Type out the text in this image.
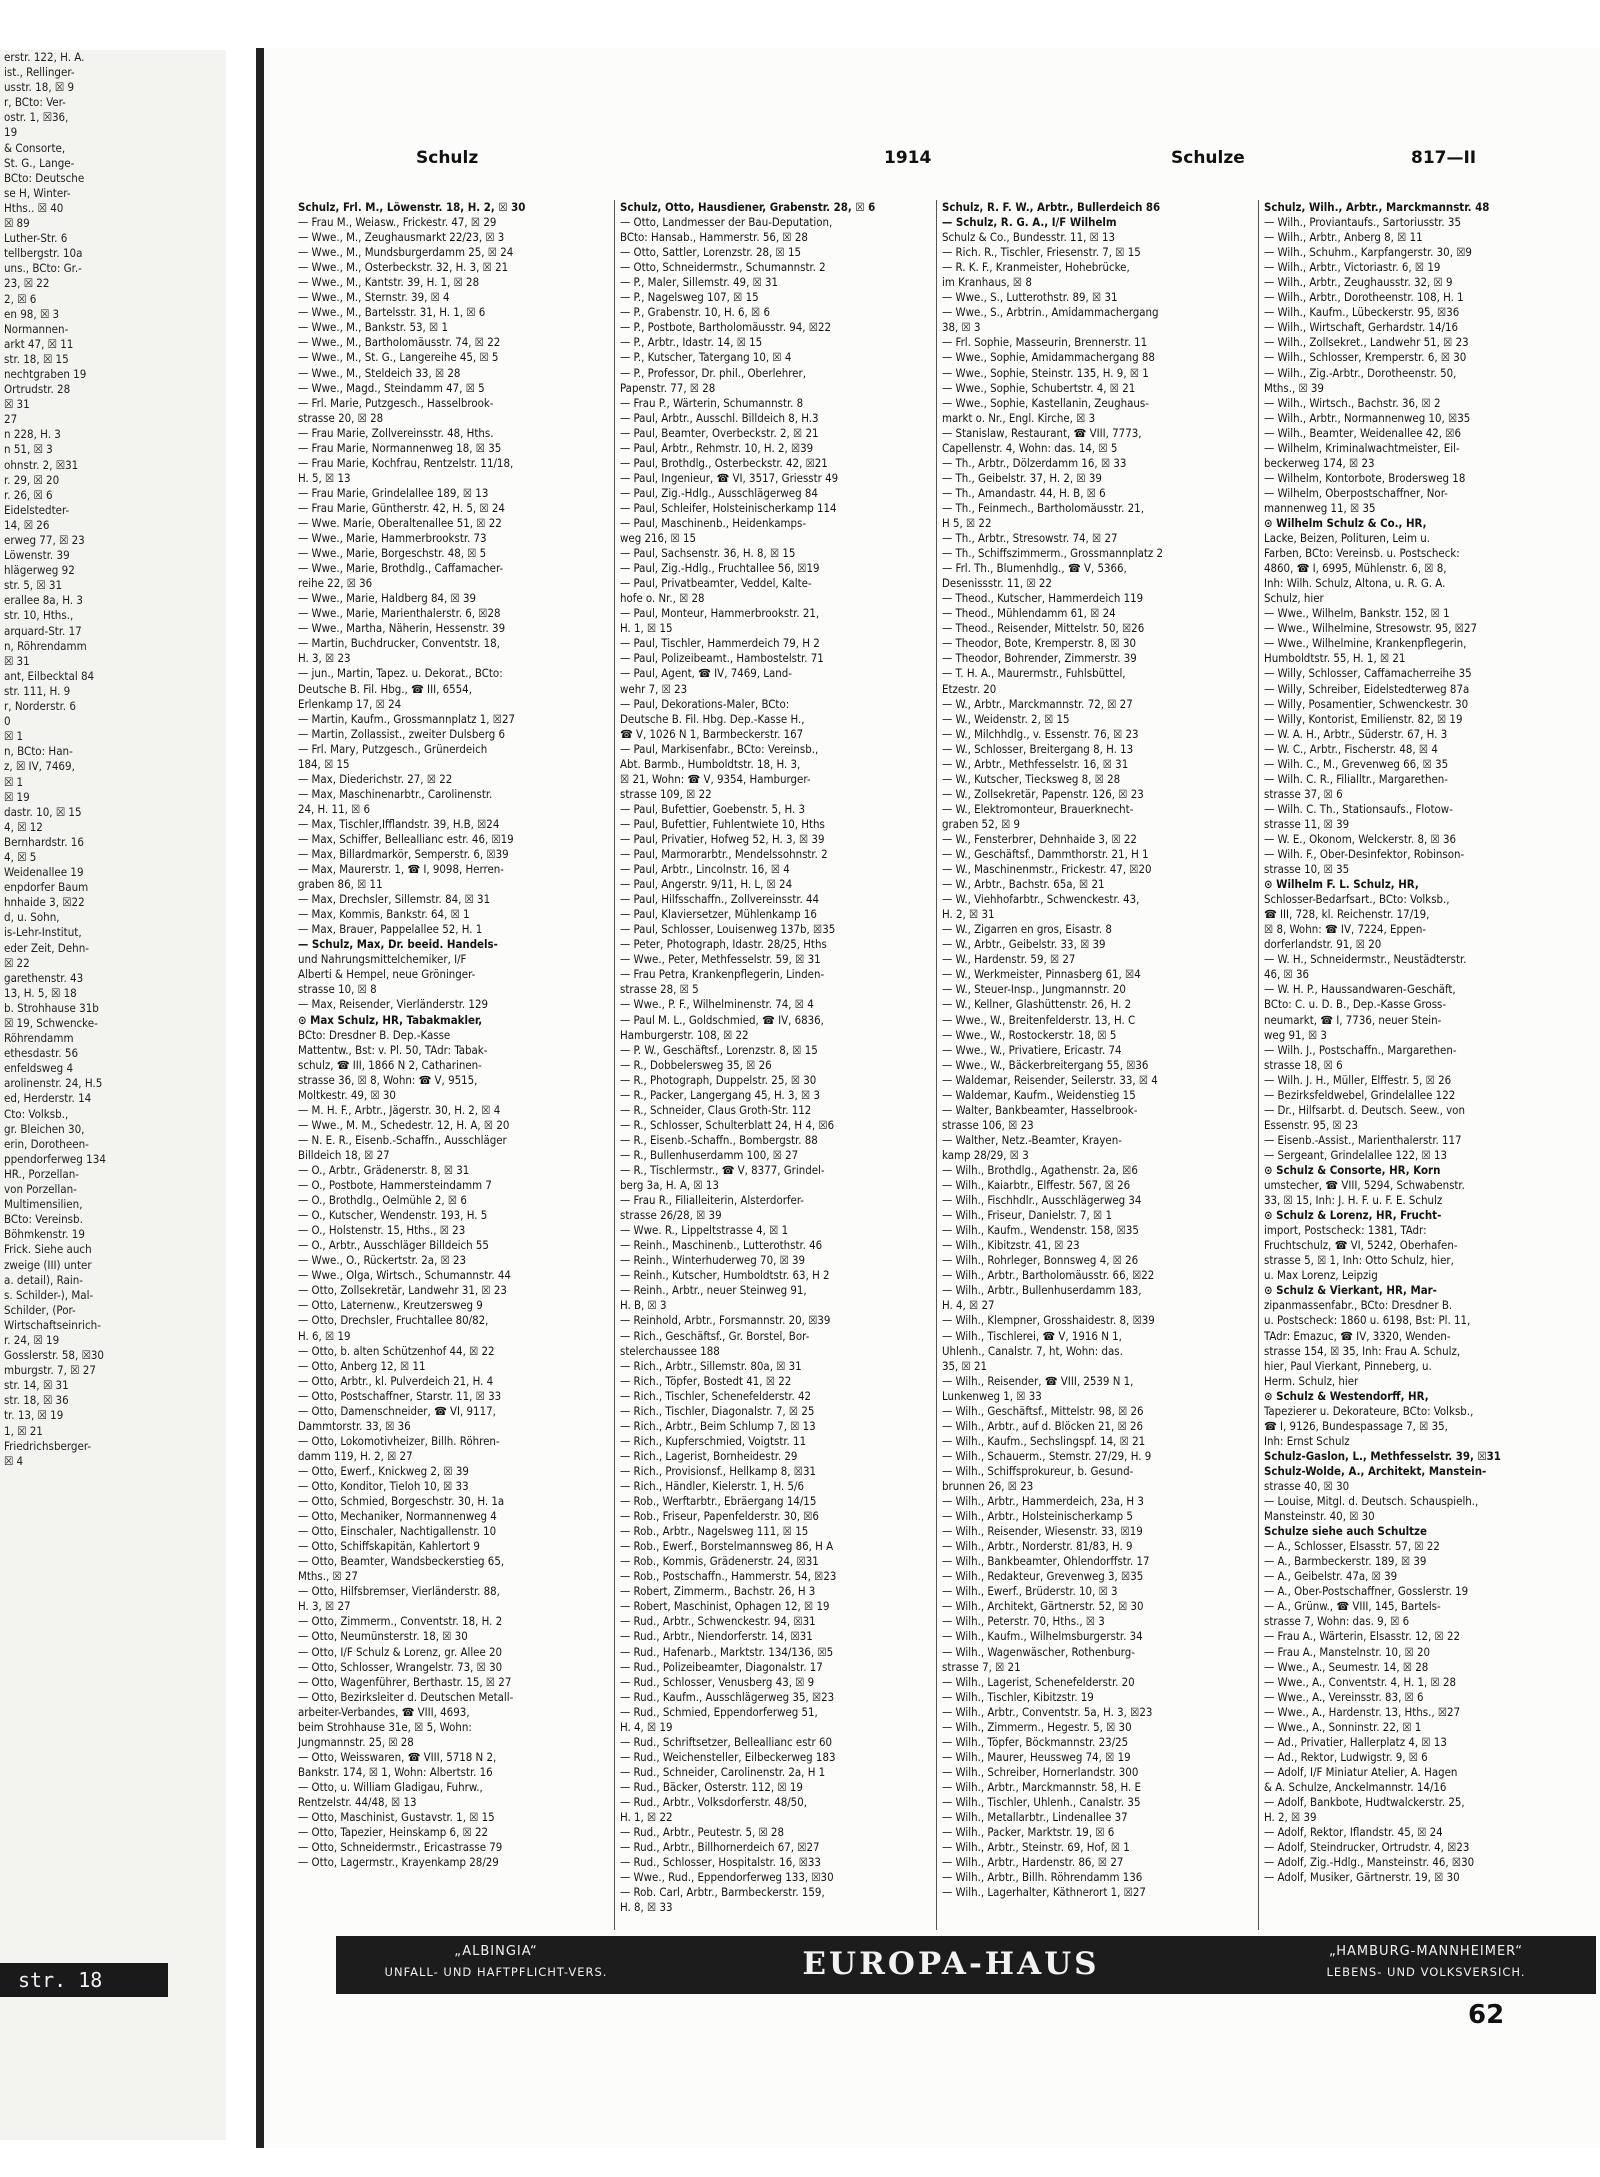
erstr. 122, H. A.
ist., Rellinger-
usstr. 18, ☒ 9
r, BCto: Ver-
ostr. 1, ☒36,
19
& Consorte,
St. G., Lange-
BCto: Deutsche
se H, Winter-
Hths.. ☒ 40
☒ 89
Luther-Str. 6
tellbergstr. 10a
uns., BCto: Gr.-
23, ☒ 22
2, ☒ 6
en 98, ☒ 3
Normannen-
arkt 47, ☒ 11
str. 18, ☒ 15
nechtgraben 19
Ortrudstr. 28
☒ 31
27
n 228, H. 3
n 51, ☒ 3
ohnstr. 2, ☒31
r. 29, ☒ 20
r. 26, ☒ 6
Eidelstedter-
14, ☒ 26
erweg 77, ☒ 23
Löwenstr. 39
hlägerweg 92
str. 5, ☒ 31
erallee 8a, H. 3
str. 10, Hths.,
arquard-Str. 17
n, Röhrendamm
☒ 31
ant, Eilbecktal 84
str. 111, H. 9
r, Norderstr. 6
0
☒ 1
n, BCto: Han-
z, ☒ IV, 7469,
☒ 1
☒ 19
dastr. 10, ☒ 15
4, ☒ 12
Bernhardstr. 16
4, ☒ 5
Weidenallee 19
enpdorfer Baum
hnhaide 3, ☒22
d, u. Sohn,
is-Lehr-Institut,
eder Zeit, Dehn-
☒ 22
garethenstr. 43
13, H. 5, ☒ 18
b. Strohhause 31b
☒ 19, Schwencke-
Röhrendamm
ethesdastr. 56
enfeldsweg 4
arolinenstr. 24, H.5
ed, Herderstr. 14
Cto: Volksb.,
gr. Bleichen 30,
erin, Dorotheen-
ppendorferweg 134
HR., Porzellan-
von Porzellan-
Multimensilien,
BCto: Vereinsb.
Böhmkenstr. 19
Frick. Siehe auch
zweige (III) unter
a. detail), Rain-
s. Schilder-), Mal-
Schilder, (Por-
Wirtschaftseinrich-
r. 24, ☒ 19
Gosslerstr. 58, ☒30
mburgstr. 7, ☒ 27
str. 14, ☒ 31
str. 18, ☒ 36
tr. 13, ☒ 19
1, ☒ 21
Friedrichsberger-
☒ 4
str. 18
Schulz	1914	Schulze	817—II
Schulz, Frl. M., Löwenstr. 18, H. 2, ☒ 30
— Frau M., Weiasw., Frickestr. 47, ☒ 29
— Wwe., M., Zeughausmarkt 22/23, ☒ 3
— Wwe., M., Mundsburgerdamm 25, ☒ 24
— Wwe., M., Osterbeckstr. 32, H. 3, ☒ 21
— Wwe., M., Kantstr. 39, H. 1, ☒ 28
— Wwe., M., Sternstr. 39, ☒ 4
— Wwe., M., Bartelsstr. 31, H. 1, ☒ 6
— Wwe., M., Bankstr. 53, ☒ 1
— Wwe., M., Bartholomäusstr. 74, ☒ 22
— Wwe., M., St. G., Langereihe 45, ☒ 5
— Wwe., M., Steldeich 33, ☒ 28
— Wwe., Magd., Steindamm 47, ☒ 5
— Frl. Marie, Putzgesch., Hasselbrook-
strasse 20, ☒ 28
— Frau Marie, Zollvereinsstr. 48, Hths.
— Frau Marie, Normannenweg 18, ☒ 35
— Frau Marie, Kochfrau, Rentzelstr. 11/18,
H. 5, ☒ 13
— Frau Marie, Grindelallee 189, ☒ 13
— Frau Marie, Güntherstr. 42, H. 5, ☒ 24
— Wwe. Marie, Oberaltenallee 51, ☒ 22
— Wwe., Marie, Hammerbrookstr. 73
— Wwe., Marie, Borgeschstr. 48, ☒ 5
— Wwe., Marie, Brothdlg., Caffamacher-
reihe 22, ☒ 36
— Wwe., Marie, Haldberg 84, ☒ 39
— Wwe., Marie, Marienthalerstr. 6, ☒28
— Wwe., Martha, Näherin, Hessenstr. 39
— Martin, Buchdrucker, Conventstr. 18,
H. 3, ☒ 23
— jun., Martin, Tapez. u. Dekorat., BCto:
Deutsche B. Fil. Hbg., ☎ III, 6554,
Erlenkamp 17, ☒ 24
— Martin, Kaufm., Grossmannplatz 1, ☒27
— Martin, Zollassist., zweiter Dulsberg 6
— Frl. Mary, Putzgesch., Grünerdeich
184, ☒ 15
— Max, Diederichstr. 27, ☒ 22
— Max, Maschinenarbtr., Carolinenstr.
24, H. 11, ☒ 6
— Max, Tischler,Ifflandstr. 39, H.B, ☒24
— Max, Schiffer, Belleallianc estr. 46, ☒19
— Max, Billardmarkör, Semperstr. 6, ☒39
— Max, Maurerstr. 1, ☎ I, 9098, Herren-
graben 86, ☒ 11
— Max, Drechsler, Sillemstr. 84, ☒ 31
— Max, Kommis, Bankstr. 64, ☒ 1
— Max, Brauer, Pappelallee 52, H. 1
— Schulz, Max, Dr. beeid. Handels-
und Nahrungsmittelchemiker, I/F
Alberti & Hempel, neue Gröninger-
strasse 10, ☒ 8
— Max, Reisender, Vierländerstr. 129
⊙ Max Schulz, HR, Tabakmakler,
BCto: Dresdner B. Dep.-Kasse
Mattentw., Bst: v. Pl. 50, TAdr: Tabak-
schulz, ☎ III, 1866 N 2, Catharinen-
strasse 36, ☒ 8, Wohn: ☎ V, 9515,
Moltkestr. 49, ☒ 30
— M. H. F., Arbtr., Jägerstr. 30, H. 2, ☒ 4
— Wwe., M. M., Schedestr. 12, H. A, ☒ 20
— N. E. R., Eisenb.-Schaffn., Ausschläger
Billdeich 18, ☒ 27
— O., Arbtr., Grädenerstr. 8, ☒ 31
— O., Postbote, Hammersteindamm 7
— O., Brothdlg., Oelmühle 2, ☒ 6
— O., Kutscher, Wendenstr. 193, H. 5
— O., Holstenstr. 15, Hths., ☒ 23
— O., Arbtr., Ausschläger Billdeich 55
— Wwe., O., Rückertstr. 2a, ☒ 23
— Wwe., Olga, Wirtsch., Schumannstr. 44
— Otto, Zollsekretär, Landwehr 31, ☒ 23
— Otto, Laternenw., Kreutzersweg 9
— Otto, Drechsler, Fruchtallee 80/82,
H. 6, ☒ 19
— Otto, b. alten Schützenhof 44, ☒ 22
— Otto, Anberg 12, ☒ 11
— Otto, Arbtr., kl. Pulverdeich 21, H. 4
— Otto, Postschaffner, Starstr. 11, ☒ 33
— Otto, Damenschneider, ☎ VI, 9117,
Dammtorstr. 33, ☒ 36
— Otto, Lokomotivheizer, Billh. Röhren-
damm 119, H. 2, ☒ 27
— Otto, Ewerf., Knickweg 2, ☒ 39
— Otto, Konditor, Tieloh 10, ☒ 33
— Otto, Schmied, Borgeschstr. 30, H. 1a
— Otto, Mechaniker, Normannenweg 4
— Otto, Einschaler, Nachtigallenstr. 10
— Otto, Schiffskapitän, Kahlertort 9
— Otto, Beamter, Wandsbeckerstieg 65,
Mths., ☒ 27
— Otto, Hilfsbremser, Vierländerstr. 88,
H. 3, ☒ 27
— Otto, Zimmerm., Conventstr. 18, H. 2
— Otto, Neumünsterstr. 18, ☒ 30
— Otto, I/F Schulz & Lorenz, gr. Allee 20
— Otto, Schlosser, Wrangelstr. 73, ☒ 30
— Otto, Wagenführer, Berthastr. 15, ☒ 27
— Otto, Bezirksleiter d. Deutschen Metall-
arbeiter-Verbandes, ☎ VIII, 4693,
beim Strohhause 31e, ☒ 5, Wohn:
Jungmannstr. 25, ☒ 28
— Otto, Weisswaren, ☎ VIII, 5718 N 2,
Bankstr. 174, ☒ 1, Wohn: Albertstr. 16
— Otto, u. William Gladigau, Fuhrw.,
Rentzelstr. 44/48, ☒ 13
— Otto, Maschinist, Gustavstr. 1, ☒ 15
— Otto, Tapezier, Heinskamp 6, ☒ 22
— Otto, Schneidermstr., Ericastrasse 79
— Otto, Lagermstr., Krayenkamp 28/29
Schulz, Otto, Hausdiener, Grabenstr. 28, ☒ 6
— Otto, Landmesser der Bau-Deputation,
BCto: Hansab., Hammerstr. 56, ☒ 28
— Otto, Sattler, Lorenzstr. 28, ☒ 15
— Otto, Schneidermstr., Schumannstr. 2
— P., Maler, Sillemstr. 49, ☒ 31
— P., Nagelsweg 107, ☒ 15
— P., Grabenstr. 10, H. 6, ☒ 6
— P., Postbote, Bartholomäusstr. 94, ☒22
— P., Arbtr., Idastr. 14, ☒ 15
— P., Kutscher, Tatergang 10, ☒ 4
— P., Professor, Dr. phil., Oberlehrer,
Papenstr. 77, ☒ 28
— Frau P., Wärterin, Schumannstr. 8
— Paul, Arbtr., Ausschl. Billdeich 8, H.3
— Paul, Beamter, Overbeckstr. 2, ☒ 21
— Paul, Arbtr., Rehmstr. 10, H. 2, ☒39
— Paul, Brothdlg., Osterbeckstr. 42, ☒21
— Paul, Ingenieur, ☎ VI, 3517, Griesstr 49
— Paul, Zig.-Hdlg., Ausschlägerweg 84
— Paul, Schleifer, Holsteinischerkamp 114
— Paul, Maschinenb., Heidenkamps-
weg 216, ☒ 15
— Paul, Sachsenstr. 36, H. 8, ☒ 15
— Paul, Zig.-Hdlg., Fruchtallee 56, ☒19
— Paul, Privatbeamter, Veddel, Kalte-
hofe o. Nr., ☒ 28
— Paul, Monteur, Hammerbrookstr. 21,
H. 1, ☒ 15
— Paul, Tischler, Hammerdeich 79, H 2
— Paul, Polizeibeamt., Hambostelstr. 71
— Paul, Agent, ☎ IV, 7469, Land-
wehr 7, ☒ 23
— Paul, Dekorations-Maler, BCto:
Deutsche B. Fil. Hbg. Dep.-Kasse H.,
☎ V, 1026 N 1, Barmbeckerstr. 167
— Paul, Markisenfabr., BCto: Vereinsb.,
Abt. Barmb., Humboldtstr. 18, H. 3,
☒ 21, Wohn: ☎ V, 9354, Hamburger-
strasse 109, ☒ 22
— Paul, Bufettier, Goebenstr. 5, H. 3
— Paul, Bufettier, Fuhlentwiete 10, Hths
— Paul, Privatier, Hofweg 52, H. 3, ☒ 39
— Paul, Marmorarbtr., Mendelssohnstr. 2
— Paul, Arbtr., Lincolnstr. 16, ☒ 4
— Paul, Angerstr. 9/11, H. L, ☒ 24
— Paul, Hilfsschaffn., Zollvereinsstr. 44
— Paul, Klaviersetzer, Mühlenkamp 16
— Paul, Schlosser, Louisenweg 137b, ☒35
— Peter, Photograph, Idastr. 28/25, Hths
— Wwe., Peter, Methfesselstr. 59, ☒ 31
— Frau Petra, Krankenpflegerin, Linden-
strasse 28, ☒ 5
— Wwe., P. F., Wilhelminenstr. 74, ☒ 4
— Paul M. L., Goldschmied, ☎ IV, 6836,
Hamburgerstr. 108, ☒ 22
— P. W., Geschäftsf., Lorenzstr. 8, ☒ 15
— R., Dobbelersweg 35, ☒ 26
— R., Photograph, Duppelstr. 25, ☒ 30
— R., Packer, Langergang 45, H. 3, ☒ 3
— R., Schneider, Claus Groth-Str. 112
— R., Schlosser, Schulterblatt 24, H 4, ☒6
— R., Eisenb.-Schaffn., Bombergstr. 88
— R., Bullenhuserdamm 100, ☒ 27
— R., Tischlermstr., ☎ V, 8377, Grindel-
berg 3a, H. A, ☒ 13
— Frau R., Filialleiterin, Alsterdorfer-
strasse 26/28, ☒ 39
— Wwe. R., Lippeltstrasse 4, ☒ 1
— Reinh., Maschinenb., Lutterothstr. 46
— Reinh., Winterhuderweg 70, ☒ 39
— Reinh., Kutscher, Humboldtstr. 63, H 2
— Reinh., Arbtr., neuer Steinweg 91,
H. B, ☒ 3
— Reinhold, Arbtr., Forsmannstr. 20, ☒39
— Rich., Geschäftsf., Gr. Borstel, Bor-
stelerchaussee 188
— Rich., Arbtr., Sillemstr. 80a, ☒ 31
— Rich., Töpfer, Bostedt 41, ☒ 22
— Rich., Tischler, Schenefelderstr. 42
— Rich., Tischler, Diagonalstr. 7, ☒ 25
— Rich., Arbtr., Beim Schlump 7, ☒ 13
— Rich., Kupferschmied, Voigtstr. 11
— Rich., Lagerist, Bornheidestr. 29
— Rich., Provisionsf., Hellkamp 8, ☒31
— Rich., Händler, Kielerstr. 1, H. 5/6
— Rob., Werftarbtr., Ebräergang 14/15
— Rob., Friseur, Papenfelderstr. 30, ☒6
— Rob., Arbtr., Nagelsweg 111, ☒ 15
— Rob., Ewerf., Borstelmannsweg 86, H A
— Rob., Kommis, Grädenerstr. 24, ☒31
— Rob., Postschaffn., Hammerstr. 54, ☒23
— Robert, Zimmerm., Bachstr. 26, H 3
— Robert, Maschinist, Ophagen 12, ☒ 19
— Rud., Arbtr., Schwenckestr. 94, ☒31
— Rud., Arbtr., Niendorferstr. 14, ☒31
— Rud., Hafenarb., Marktstr. 134/136, ☒5
— Rud., Polizeibeamter, Diagonalstr. 17
— Rud., Schlosser, Venusberg 43, ☒ 9
— Rud., Kaufm., Ausschlägerweg 35, ☒23
— Rud., Schmied, Eppendorferweg 51,
H. 4, ☒ 19
— Rud., Schriftsetzer, Belleallianc estr 60
— Rud., Weichensteller, Eilbeckerweg 183
— Rud., Schneider, Carolinenstr. 2a, H 1
— Rud., Bäcker, Osterstr. 112, ☒ 19
— Rud., Arbtr., Volksdorferstr. 48/50,
H. 1, ☒ 22
— Rud., Arbtr., Peutestr. 5, ☒ 28
— Rud., Arbtr., Billhornerdeich 67, ☒27
— Rud., Schlosser, Hospitalstr. 16, ☒33
— Wwe., Rud., Eppendorferweg 133, ☒30
— Rob. Carl, Arbtr., Barmbeckerstr. 159,
H. 8, ☒ 33
Schulz, R. F. W., Arbtr., Bullerdeich 86
— Schulz, R. G. A., I/F Wilhelm
Schulz & Co., Bundesstr. 11, ☒ 13
— Rich. R., Tischler, Friesenstr. 7, ☒ 15
— R. K. F., Kranmeister, Hohebrücke,
im Kranhaus, ☒ 8
— Wwe., S., Lutterothstr. 89, ☒ 31
— Wwe., S., Arbtrin., Amidammachergang
38, ☒ 3
— Frl. Sophie, Masseurin, Brennerstr. 11
— Wwe., Sophie, Amidammachergang 88
— Wwe., Sophie, Steinstr. 135, H. 9, ☒ 1
— Wwe., Sophie, Schubertstr. 4, ☒ 21
— Wwe., Sophie, Kastellanin, Zeughaus-
markt o. Nr., Engl. Kirche, ☒ 3
— Stanislaw, Restaurant, ☎ VIII, 7773,
Capellenstr. 4, Wohn: das. 14, ☒ 5
— Th., Arbtr., Dölzerdamm 16, ☒ 33
— Th., Geibelstr. 37, H. 2, ☒ 39
— Th., Amandastr. 44, H. B, ☒ 6
— Th., Feinmech., Bartholomäusstr. 21,
H 5, ☒ 22
— Th., Arbtr., Stresowstr. 74, ☒ 27
— Th., Schiffszimmerm., Grossmannplatz 2
— Frl. Th., Blumenhdlg., ☎ V, 5366,
Desenissstr. 11, ☒ 22
— Theod., Kutscher, Hammerdeich 119
— Theod., Mühlendamm 61, ☒ 24
— Theod., Reisender, Mittelstr. 50, ☒26
— Theodor, Bote, Kremperstr. 8, ☒ 30
— Theodor, Bohrender, Zimmerstr. 39
— T. H. A., Maurermstr., Fuhlsbüttel,
Etzestr. 20
— W., Arbtr., Marckmannstr. 72, ☒ 27
— W., Weidenstr. 2, ☒ 15
— W., Milchhdlg., v. Essenstr. 76, ☒ 23
— W., Schlosser, Breitergang 8, H. 13
— W., Arbtr., Methfesselstr. 16, ☒ 31
— W., Kutscher, Tiecksweg 8, ☒ 28
— W., Zollsekretär, Papenstr. 126, ☒ 23
— W., Elektromonteur, Brauerknecht-
graben 52, ☒ 9
— W., Fensterbrer, Dehnhaide 3, ☒ 22
— W., Geschäftsf., Dammthorstr. 21, H 1
— W., Maschinenmstr., Frickestr. 47, ☒20
— W., Arbtr., Bachstr. 65a, ☒ 21
— W., Viehhofarbtr., Schwenckestr. 43,
H. 2, ☒ 31
— W., Zigarren en gros, Eisastr. 8
— W., Arbtr., Geibelstr. 33, ☒ 39
— W., Hardenstr. 59, ☒ 27
— W., Werkmeister, Pinnasberg 61, ☒4
— W., Steuer-Insp., Jungmannstr. 20
— W., Kellner, Glashüttenstr. 26, H. 2
— Wwe., W., Breitenfelderstr. 13, H. C
— Wwe., W., Rostockerstr. 18, ☒ 5
— Wwe., W., Privatiere, Ericastr. 74
— Wwe., W., Bäckerbreitergang 55, ☒36
— Waldemar, Reisender, Seilerstr. 33, ☒ 4
— Waldemar, Kaufm., Weidenstieg 15
— Walter, Bankbeamter, Hasselbrook-
strasse 106, ☒ 23
— Walther, Netz.-Beamter, Krayen-
kamp 28/29, ☒ 3
— Wilh., Brothdlg., Agathenstr. 2a, ☒6
— Wilh., Kaiarbtr., Elffestr. 567, ☒ 26
— Wilh., Fischhdlr., Ausschlägerweg 34
— Wilh., Friseur, Danielstr. 7, ☒ 1
— Wilh., Kaufm., Wendenstr. 158, ☒35
— Wilh., Kibitzstr. 41, ☒ 23
— Wilh., Rohrleger, Bonnsweg 4, ☒ 26
— Wilh., Arbtr., Bartholomäusstr. 66, ☒22
— Wilh., Arbtr., Bullenhuserdamm 183,
H. 4, ☒ 27
— Wilh., Klempner, Grosshaidestr. 8, ☒39
— Wilh., Tischlerei, ☎ V, 1916 N 1,
Uhlenh., Canalstr. 7, ht, Wohn: das.
35, ☒ 21
— Wilh., Reisender, ☎ VIII, 2539 N 1,
Lunkenweg 1, ☒ 33
— Wilh., Geschäftsf., Mittelstr. 98, ☒ 26
— Wilh., Arbtr., auf d. Blöcken 21, ☒ 26
— Wilh., Kaufm., Sechslingspf. 14, ☒ 21
— Wilh., Schauerm., Stemstr. 27/29, H. 9
— Wilh., Schiffsprokureur, b. Gesund-
brunnen 26, ☒ 23
— Wilh., Arbtr., Hammerdeich, 23a, H 3
— Wilh., Arbtr., Holsteinischerkamp 5
— Wilh., Reisender, Wiesenstr. 33, ☒19
— Wilh., Arbtr., Norderstr. 81/83, H. 9
— Wilh., Bankbeamter, Ohlendorffstr. 17
— Wilh., Redakteur, Grevenweg 3, ☒35
— Wilh., Ewerf., Brüderstr. 10, ☒ 3
— Wilh., Architekt, Gärtnerstr. 52, ☒ 30
— Wilh., Peterstr. 70, Hths., ☒ 3
— Wilh., Kaufm., Wilhelmsburgerstr. 34
— Wilh., Wagenwäscher, Rothenburg-
strasse 7, ☒ 21
— Wilh., Lagerist, Schenefelderstr. 20
— Wilh., Tischler, Kibitzstr. 19
— Wilh., Arbtr., Conventstr. 5a, H. 3, ☒23
— Wilh., Zimmerm., Hegestr. 5, ☒ 30
— Wilh., Töpfer, Böckmannstr. 23/25
— Wilh., Maurer, Heussweg 74, ☒ 19
— Wilh., Schreiber, Hornerlandstr. 300
— Wilh., Arbtr., Marckmannstr. 58, H. E
— Wilh., Tischler, Uhlenh., Canalstr. 35
— Wilh., Metallarbtr., Lindenallee 37
— Wilh., Packer, Marktstr. 19, ☒ 6
— Wilh., Arbtr., Steinstr. 69, Hof, ☒ 1
— Wilh., Arbtr., Hardenstr. 86, ☒ 27
— Wilh., Arbtr., Billh. Röhrendamm 136
— Wilh., Lagerhalter, Käthnerort 1, ☒27
Schulz, Wilh., Arbtr., Marckmannstr. 48
— Wilh., Proviantaufs., Sartoriusstr. 35
— Wilh., Arbtr., Anberg 8, ☒ 11
— Wilh., Schuhm., Karpfangerstr. 30, ☒9
— Wilh., Arbtr., Victoriastr. 6, ☒ 19
— Wilh., Arbtr., Zeughausstr. 32, ☒ 9
— Wilh., Arbtr., Dorotheenstr. 108, H. 1
— Wilh., Kaufm., Lübeckerstr. 95, ☒36
— Wilh., Wirtschaft, Gerhardstr. 14/16
— Wilh., Zollsekret., Landwehr 51, ☒ 23
— Wilh., Schlosser, Kremperstr. 6, ☒ 30
— Wilh., Zig.-Arbtr., Dorotheenstr. 50,
Mths., ☒ 39
— Wilh., Wirtsch., Bachstr. 36, ☒ 2
— Wilh., Arbtr., Normannenweg 10, ☒35
— Wilh., Beamter, Weidenallee 42, ☒6
— Wilhelm, Kriminalwachtmeister, Eil-
beckerweg 174, ☒ 23
— Wilhelm, Kontorbote, Brodersweg 18
— Wilhelm, Oberpostschaffner, Nor-
mannenweg 11, ☒ 35
⊙ Wilhelm Schulz & Co., HR,
Lacke, Beizen, Polituren, Leim u.
Farben, BCto: Vereinsb. u. Postscheck:
4860, ☎ I, 6995, Mühlenstr. 6, ☒ 8,
Inh: Wilh. Schulz, Altona, u. R. G. A.
Schulz, hier
— Wwe., Wilhelm, Bankstr. 152, ☒ 1
— Wwe., Wilhelmine, Stresowstr. 95, ☒27
— Wwe., Wilhelmine, Krankenpflegerin,
Humboldtstr. 55, H. 1, ☒ 21
— Willy, Schlosser, Caffamacherreihe 35
— Willy, Schreiber, Eidelstedterweg 87a
— Willy, Posamentier, Schwenckestr. 30
— Willy, Kontorist, Emilienstr. 82, ☒ 19
— W. A. H., Arbtr., Süderstr. 67, H. 3
— W. C., Arbtr., Fischerstr. 48, ☒ 4
— Wilh. C., M., Grevenweg 66, ☒ 35
— Wilh. C. R., Filialltr., Margarethen-
strasse 37, ☒ 6
— Wilh. C. Th., Stationsaufs., Flotow-
strasse 11, ☒ 39
— W. E., Okonom, Welckerstr. 8, ☒ 36
— Wilh. F., Ober-Desinfektor, Robinson-
strasse 10, ☒ 35
⊙ Wilhelm F. L. Schulz, HR,
Schlosser-Bedarfsart., BCto: Volksb.,
☎ III, 728, kl. Reichenstr. 17/19,
☒ 8, Wohn: ☎ IV, 7224, Eppen-
dorferlandstr. 91, ☒ 20
— W. H., Schneidermstr., Neustädterstr.
46, ☒ 36
— W. H. P., Haussandwaren-Geschäft,
BCto: C. u. D. B., Dep.-Kasse Gross-
neumarkt, ☎ I, 7736, neuer Stein-
weg 91, ☒ 3
— Wilh. J., Postschaffn., Margarethen-
strasse 18, ☒ 6
— Wilh. J. H., Müller, Elffestr. 5, ☒ 26
— Bezirksfeldwebel, Grindelallee 122
— Dr., Hilfsarbt. d. Deutsch. Seew., von
Essenstr. 95, ☒ 23
— Eisenb.-Assist., Marienthalerstr. 117
— Sergeant, Grindelallee 122, ☒ 13
⊙ Schulz & Consorte, HR, Korn
umstecher, ☎ VIII, 5294, Schwabenstr.
33, ☒ 15, Inh: J. H. F. u. F. E. Schulz
⊙ Schulz & Lorenz, HR, Frucht-
import, Postscheck: 1381, TAdr:
Fruchtschulz, ☎ VI, 5242, Oberhafen-
strasse 5, ☒ 1, Inh: Otto Schulz, hier,
u. Max Lorenz, Leipzig
⊙ Schulz & Vierkant, HR, Mar-
zipanmassenfabr., BCto: Dresdner B.
u. Postscheck: 1860 u. 6198, Bst: Pl. 11,
TAdr: Emazuc, ☎ IV, 3320, Wenden-
strasse 154, ☒ 35, Inh: Frau A. Schulz,
hier, Paul Vierkant, Pinneberg, u.
Herm. Schulz, hier
⊙ Schulz & Westendorff, HR,
Tapezierer u. Dekorateure, BCto: Volksb.,
☎ I, 9126, Bundespassage 7, ☒ 35,
Inh: Ernst Schulz
Schulz-Gaslon, L., Methfesselstr. 39, ☒31
Schulz-Wolde, A., Architekt, Manstein-
strasse 40, ☒ 30
— Louise, Mitgl. d. Deutsch. Schauspielh.,
Mansteinstr. 40, ☒ 30
Schulze siehe auch Schultze
— A., Schlosser, Elsasstr. 57, ☒ 22
— A., Barmbeckerstr. 189, ☒ 39
— A., Geibelstr. 47a, ☒ 39
— A., Ober-Postschaffner, Gosslerstr. 19
— A., Grünw., ☎ VIII, 145, Bartels-
strasse 7, Wohn: das. 9, ☒ 6
— Frau A., Wärterin, Elsasstr. 12, ☒ 22
— Frau A., Manstelnstr. 10, ☒ 20
— Wwe., A., Seumestr. 14, ☒ 28
— Wwe., A., Conventstr. 4, H. 1, ☒ 28
— Wwe., A., Vereinsstr. 83, ☒ 6
— Wwe., A., Hardenstr. 13, Hths., ☒27
— Wwe., A., Sonninstr. 22, ☒ 1
— Ad., Privatier, Hallerplatz 4, ☒ 13
— Ad., Rektor, Ludwigstr. 9, ☒ 6
— Adolf, I/F Miniatur Atelier, A. Hagen
& A. Schulze, Anckelmannstr. 14/16
— Adolf, Bankbote, Hudtwalckerstr. 25,
H. 2, ☒ 39
— Adolf, Rektor, Iflandstr. 45, ☒ 24
— Adolf, Steindrucker, Ortrudstr. 4, ☒23
— Adolf, Zig.-Hdlg., Mansteinstr. 46, ☒30
— Adolf, Musiker, Gärtnerstr. 19, ☒ 30
„ALBINGIA“
UNFALL- UND HAFTPFLICHT-VERS.	EUROPA-HAUS	„HAMBURG-MANNHEIMER“
LEBENS- UND VOLKSVERSICH.
62
